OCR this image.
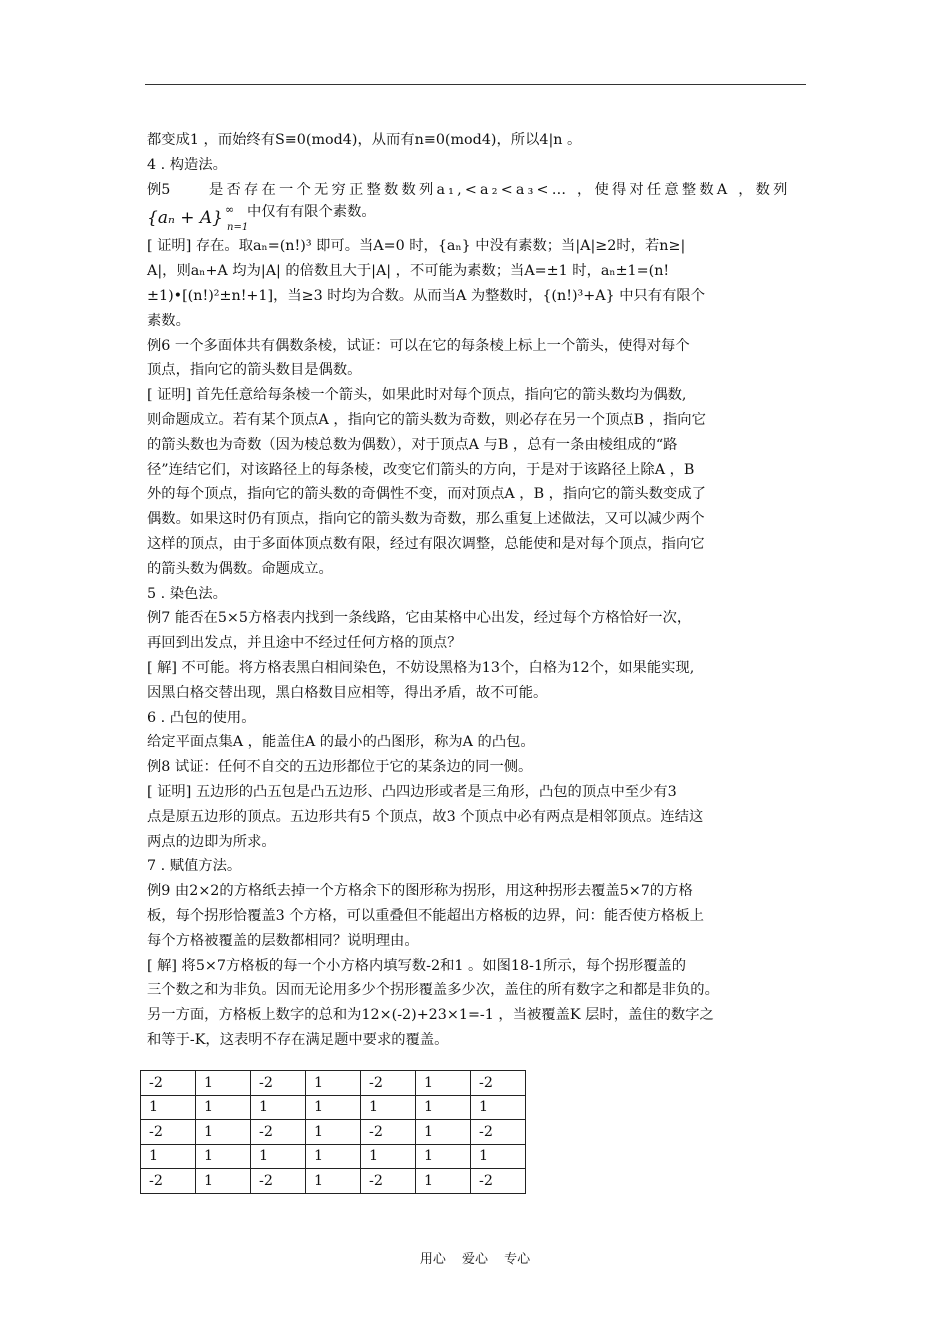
都变成1 ，而始终有S≡0(mod4)，从而有n≡0(mod4)，所以4|n 。

4 . 构造法。

例5	是否存在一个无穷正整数数列a₁,<a₂<a₃<… ，使得对任意整数A ，数列
{aₙ + A} ∞
n=1
中仅有有限个素数。

[ 证明] 存在。取aₙ=(n!)³ 即可。当A=0 时，{aₙ} 中没有素数；当|A|≥2时，若n≥|

A|，则aₙ+A 均为|A| 的倍数且大于|A| ，不可能为素数；当A=±1 时，aₙ±1=(n!

±1)•[(n!)²±n!+1]，当≥3 时均为合数。从而当A 为整数时，{(n!)³+A} 中只有有限个

素数。

例6 一个多面体共有偶数条棱，试证：可以在它的每条棱上标上一个箭头，使得对每个

顶点，指向它的箭头数目是偶数。

[ 证明] 首先任意给每条棱一个箭头，如果此时对每个顶点，指向它的箭头数均为偶数,

则命题成立。若有某个顶点A ，指向它的箭头数为奇数，则必存在另一个顶点B ，指向它

的箭头数也为奇数（因为棱总数为偶数），对于顶点A 与B ，总有一条由棱组成的“路

径”连结它们，对该路径上的每条棱，改变它们箭头的方向，于是对于该路径上除A ，B

外的每个顶点，指向它的箭头数的奇偶性不变，而对顶点A ，B ，指向它的箭头数变成了

偶数。如果这时仍有顶点，指向它的箭头数为奇数，那么重复上述做法，又可以减少两个

这样的顶点，由于多面体顶点数有限，经过有限次调整，总能使和是对每个顶点，指向它

的箭头数为偶数。命题成立。

5 . 染色法。

例7 能否在5×5方格表内找到一条线路，它由某格中心出发，经过每个方格恰好一次，

再回到出发点，并且途中不经过任何方格的顶点？

[ 解] 不可能。将方格表黑白相间染色，不妨设黑格为13个，白格为12个，如果能实现,

因黑白格交替出现，黑白格数目应相等，得出矛盾，故不可能。

6 . 凸包的使用。

给定平面点集A ，能盖住A 的最小的凸图形，称为A 的凸包。

例8 试证：任何不自交的五边形都位于它的某条边的同一侧。

[ 证明] 五边形的凸五包是凸五边形、凸四边形或者是三角形，凸包的顶点中至少有3

点是原五边形的顶点。五边形共有5 个顶点，故3 个顶点中必有两点是相邻顶点。连结这

两点的边即为所求。

7 . 赋值方法。

例9 由2×2的方格纸去掉一个方格余下的图形称为拐形，用这种拐形去覆盖5×7的方格

板，每个拐形恰覆盖3 个方格，可以重叠但不能超出方格板的边界，问：能否使方格板上

每个方格被覆盖的层数都相同？说明理由。

[ 解] 将5×7方格板的每一个小方格内填写数-2和1 。如图18-1所示，每个拐形覆盖的

三个数之和为非负。因而无论用多少个拐形覆盖多少次，盖住的所有数字之和都是非负的。

另一方面，方格板上数字的总和为12×(-2)+23×1=-1 ，当被覆盖K 层时，盖住的数字之

和等于-K，这表明不存在满足题中要求的覆盖。

-2	1	-2	1	-2	1	-2
1	1	1	1	1	1	1
-2	1	-2	1	-2	1	-2
1	1	1	1	1	1	1
-2	1	-2	1	-2	1	-2
用心 爱心 专心
